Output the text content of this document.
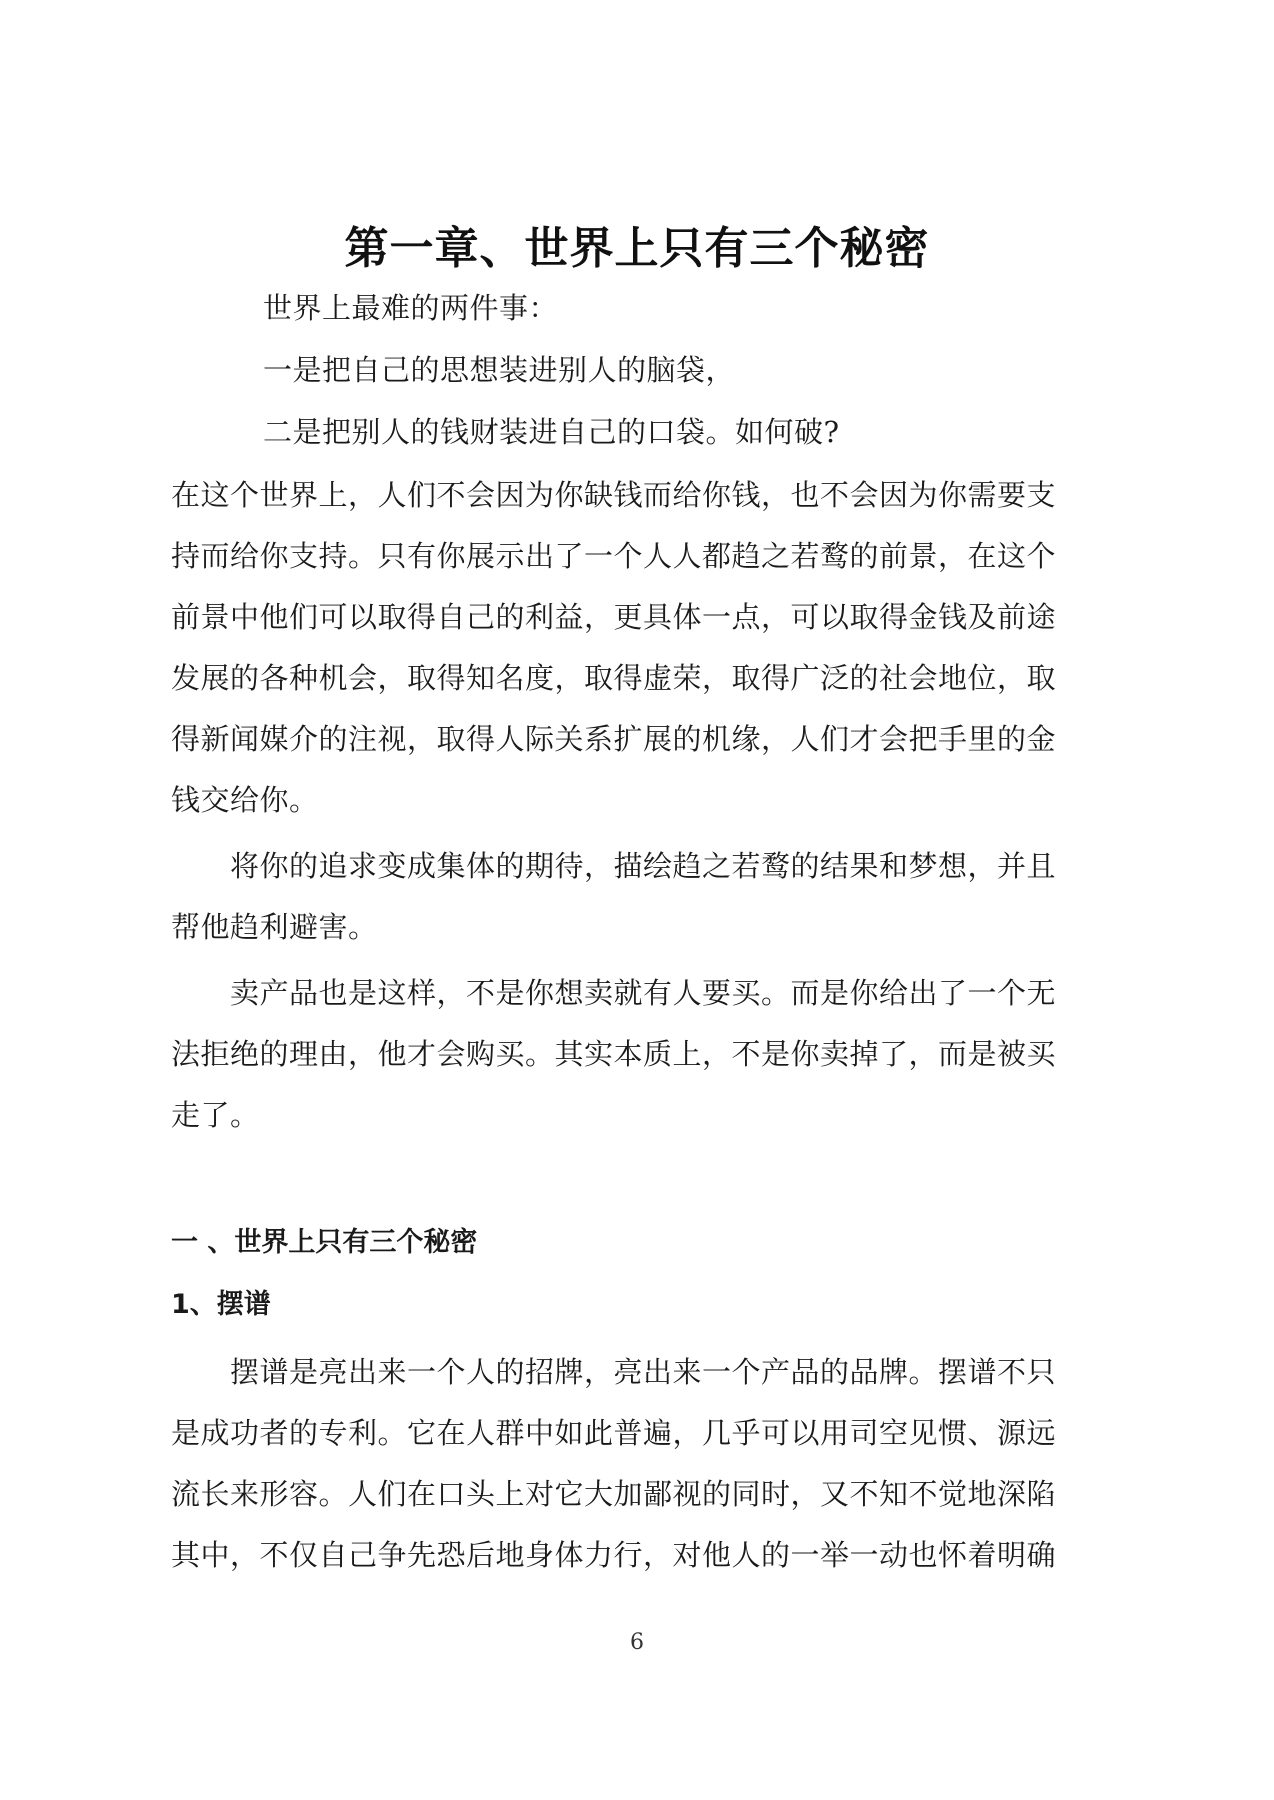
第一章、世界上只有三个秘密

世界上最难的两件事：

一是把自己的思想装进别人的脑袋，

二是把别人的钱财装进自己的口袋。如何破?

在这个世界上，人们不会因为你缺钱而给你钱，也不会因为你需要支

持而给你支持。只有你展示出了一个人人都趋之若鹜的前景，在这个

前景中他们可以取得自己的利益，更具体一点，可以取得金钱及前途

发展的各种机会，取得知名度，取得虚荣，取得广泛的社会地位，取

得新闻媒介的注视，取得人际关系扩展的机缘，人们才会把手里的金

钱交给你。

将你的追求变成集体的期待，描绘趋之若鹜的结果和梦想，并且

帮他趋利避害。

卖产品也是这样，不是你想卖就有人要买。而是你给出了一个无

法拒绝的理由，他才会购买。其实本质上，不是你卖掉了，而是被买

走了。

一 、世界上只有三个秘密
1、摆谱

摆谱是亮出来一个人的招牌，亮出来一个产品的品牌。摆谱不只

是成功者的专利。它在人群中如此普遍，几乎可以用司空见惯、源远

流长来形容。人们在口头上对它大加鄙视的同时，又不知不觉地深陷

其中，不仅自己争先恐后地身体力行，对他人的一举一动也怀着明确

6
